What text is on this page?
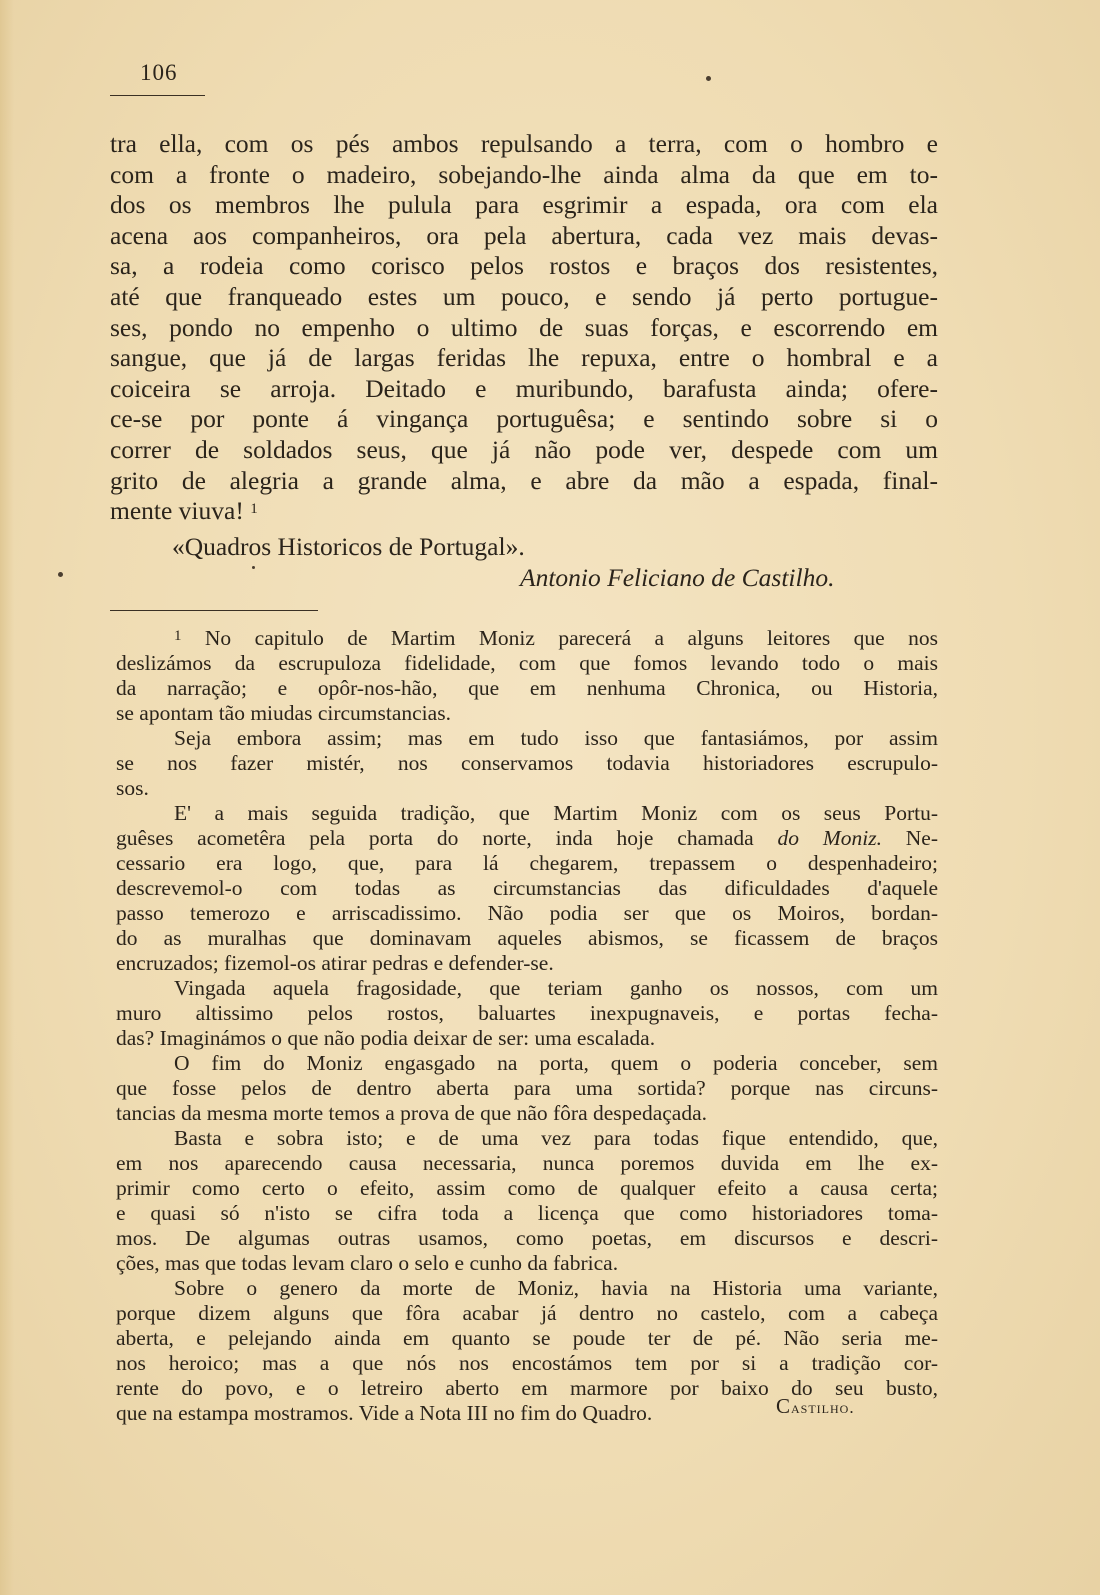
106
tra ella, com os pés ambos repulsando a terra, com o hombro e
com a fronte o madeiro, sobejando-lhe ainda alma da que em to-
dos os membros lhe pulula para esgrimir a espada, ora com ela
acena aos companheiros, ora pela abertura, cada vez mais devas-
sa, a rodeia como corisco pelos rostos e braços dos resistentes,
até que franqueado estes um pouco, e sendo já perto portugue-
ses, pondo no empenho o ultimo de suas forças, e escorrendo em
sangue, que já de largas feridas lhe repuxa, entre o hombral e a
coiceira se arroja. Deitado e muribundo, barafusta ainda; ofere-
ce-se por ponte á vingança portuguêsa; e sentindo sobre si o
correr de soldados seus, que já não pode ver, despede com um
grito de alegria a grande alma, e abre da mão a espada, final-
mente viuva! $^1$
«Quadros Historicos de Portugal».
Antonio Feliciano de Castilho.
$^1$ No capitulo de Martim Moniz parecerá a alguns leitores que nos
deslizámos da escrupuloza fidelidade, com que fomos levando todo o mais
da narração; e opôr-nos-hão, que em nenhuma Chronica, ou Historia,
se apontam tão miudas circumstancias.
Seja embora assim; mas em tudo isso que fantasiámos, por assim
se nos fazer mistér, nos conservamos todavia historiadores escrupulo-
sos.
E' a mais seguida tradição, que Martim Moniz com os seus Portu-
guêses acometêra pela porta do norte, inda hoje chamada do Moniz. Ne-
cessario era logo, que, para lá chegarem, trepassem o despenhadeiro;
descrevemol-o com todas as circumstancias das dificuldades d'aquele
passo temerozo e arriscadissimo. Não podia ser que os Moiros, bordan-
do as muralhas que dominavam aqueles abismos, se ficassem de braços
encruzados; fizemol-os atirar pedras e defender-se.
Vingada aquela fragosidade, que teriam ganho os nossos, com um
muro altissimo pelos rostos, baluartes inexpugnaveis, e portas fecha-
das? Imaginámos o que não podia deixar de ser: uma escalada.
O fim do Moniz engasgado na porta, quem o poderia conceber, sem
que fosse pelos de dentro aberta para uma sortida? porque nas circuns-
tancias da mesma morte temos a prova de que não fôra despedaçada.
Basta e sobra isto; e de uma vez para todas fique entendido, que,
em nos aparecendo causa necessaria, nunca poremos duvida em lhe ex-
primir como certo o efeito, assim como de qualquer efeito a causa certa;
e quasi só n'isto se cifra toda a licença que como historiadores toma-
mos. De algumas outras usamos, como poetas, em discursos e descri-
ções, mas que todas levam claro o selo e cunho da fabrica.
Sobre o genero da morte de Moniz, havia na Historia uma variante,
porque dizem alguns que fôra acabar já dentro no castelo, com a cabeça
aberta, e pelejando ainda em quanto se poude ter de pé. Não seria me-
nos heroico; mas a que nós nos encostámos tem por si a tradição cor-
rente do povo, e o letreiro aberto em marmore por baixo do seu busto,
que na estampa mostramos. Vide a Nota III no fim do Quadro.	Castilho.
